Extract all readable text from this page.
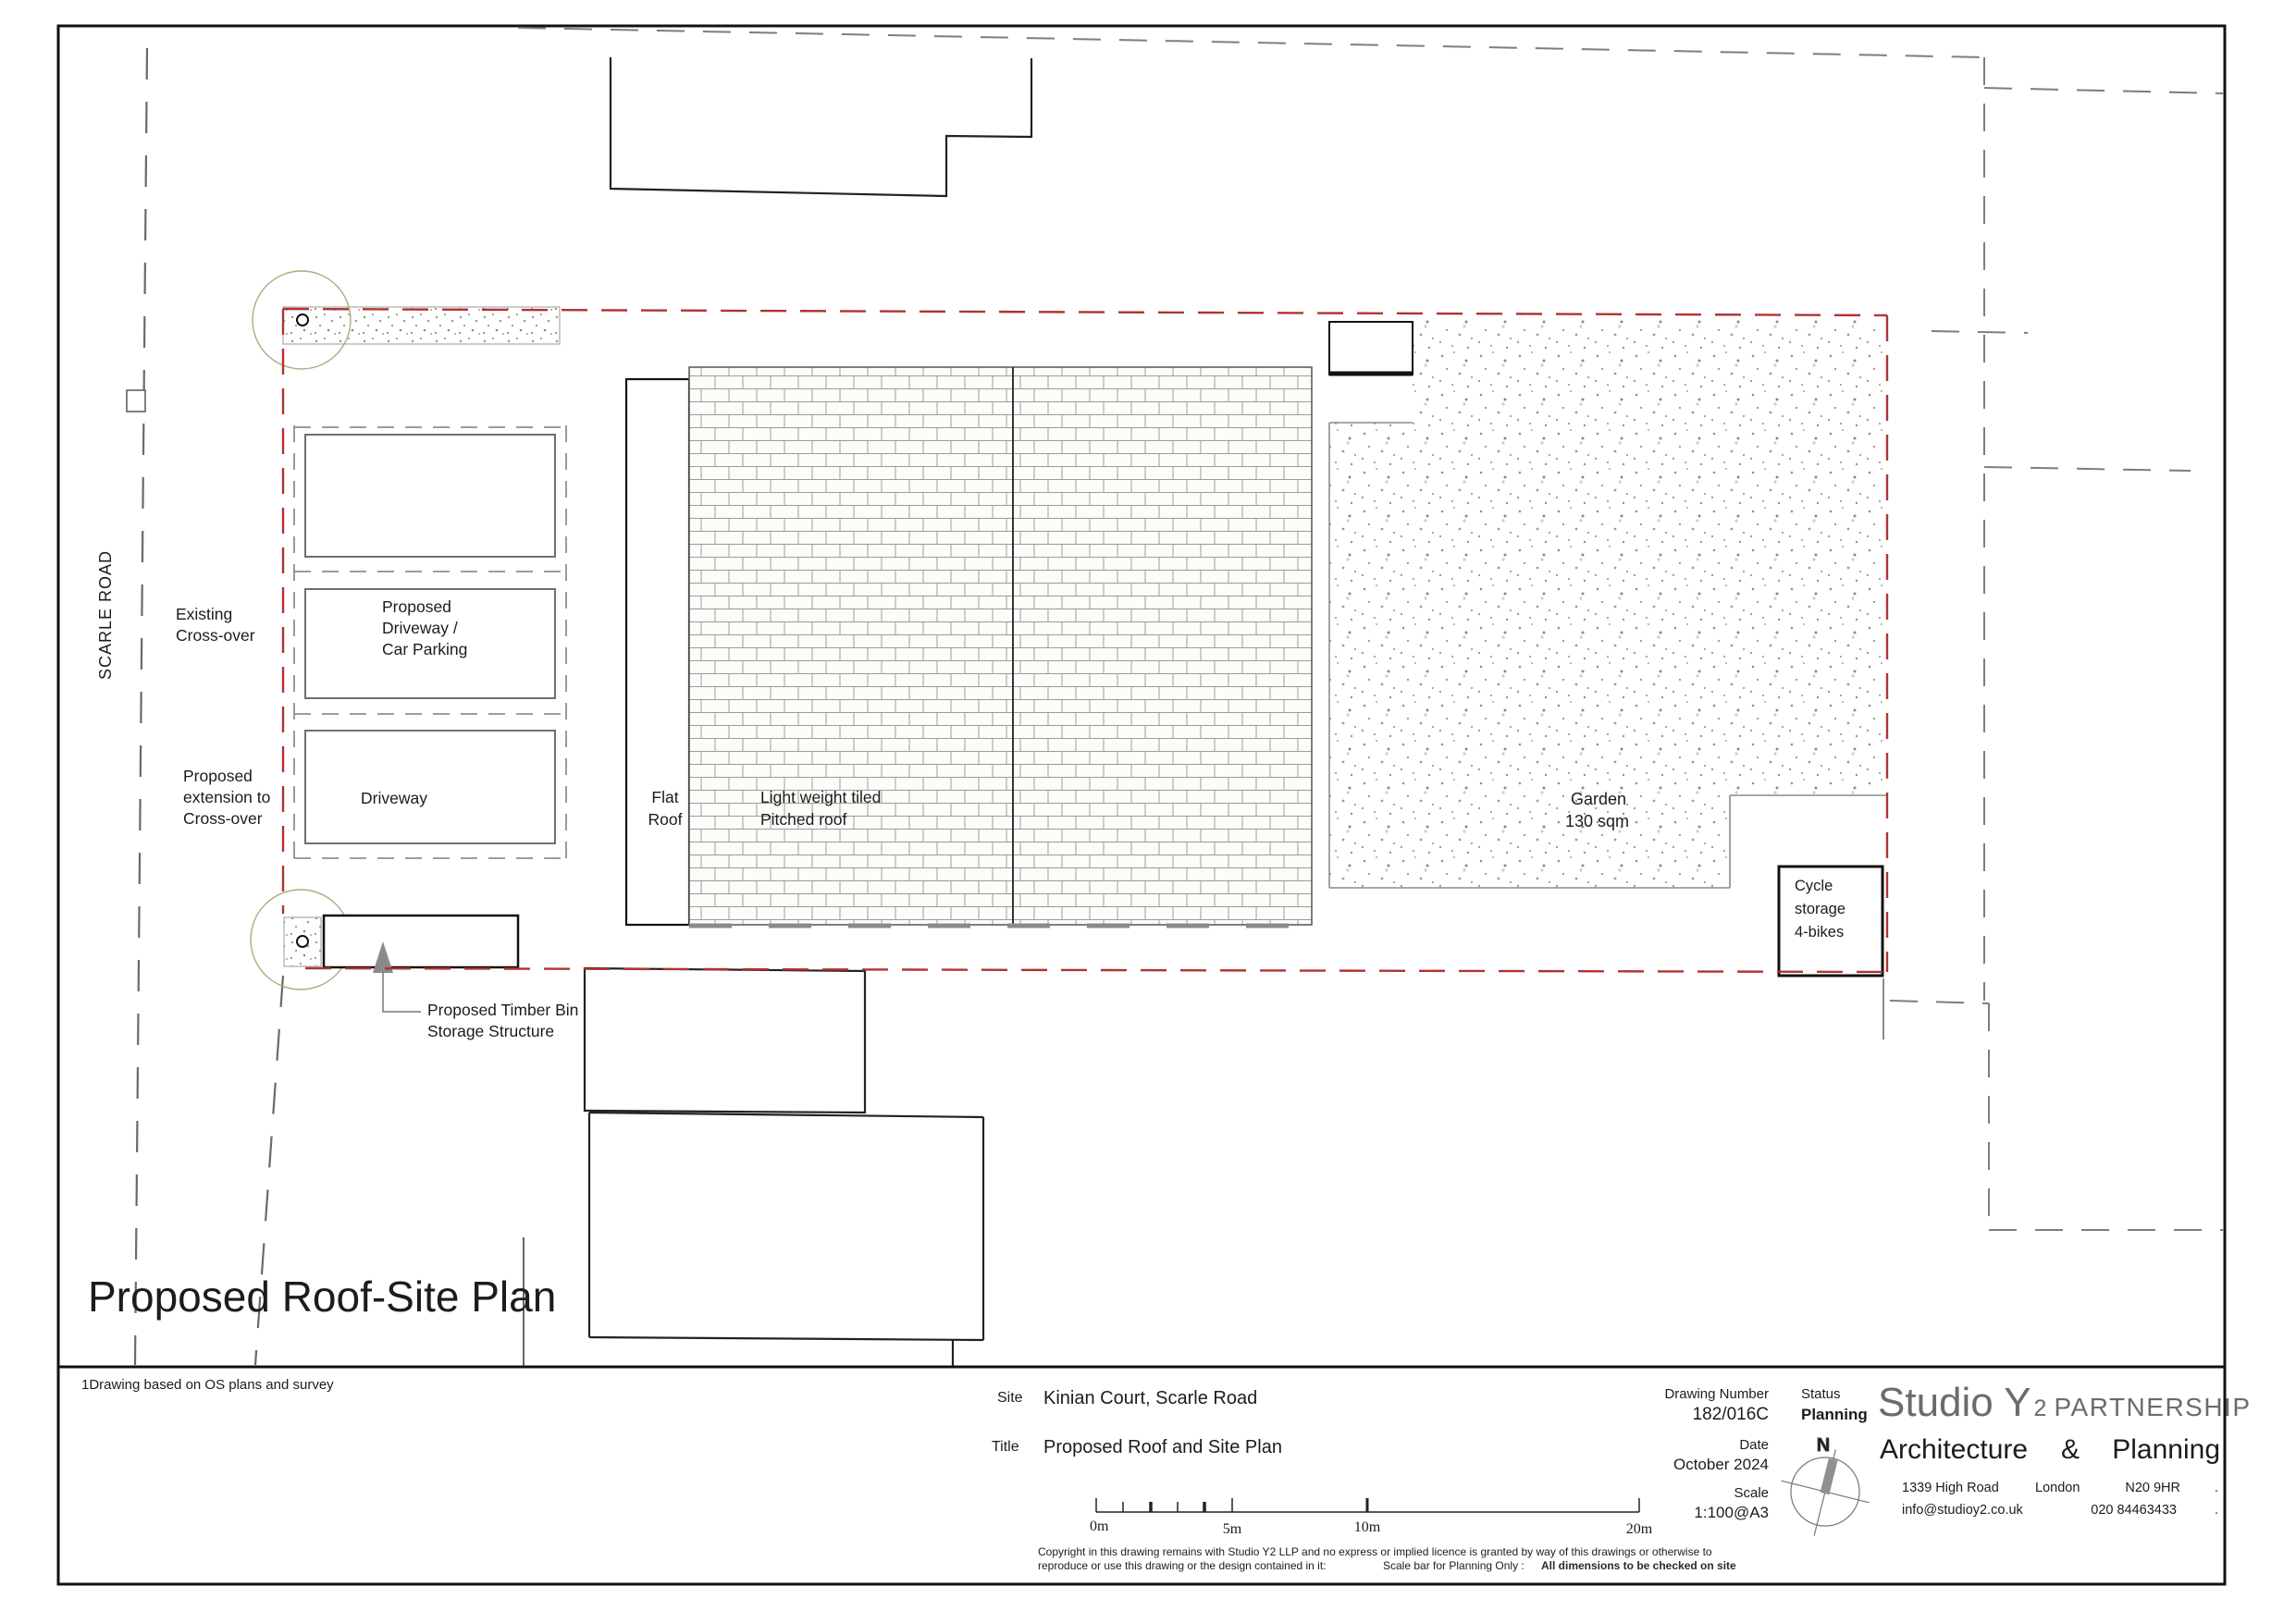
SCARLE ROAD	Existing
Cross-over
Proposed
Driveway /
Car Parking
Proposed
extension to
Cross-over
Driveway	Flat
Roof
Light weight tiled
Pitched roof
Garden
130 sqm
Cycle
storage
4-bikes
Proposed Timber Bin
Storage Structure
Proposed Roof-Site Plan
1Drawing based on OS plans and survey
Site Kinian Court, Scarle Road
Title Proposed Roof and Site Plan
0m	5m	10m	20m
Copyright in this drawing remains with Studio Y2 LLP and no express or implied licence is granted by way of this drawings or otherwise to
reproduce or use this drawing or the design contained in it:	Scale bar for Planning Only : All dimensions to be checked on site
Drawing Number
182/016C
Date
October 2024
Scale
1:100@A3
Status
Planning
N
Studio Y 2 PARTNERSHIP
Architecture & Planning
1339 High Road	London	N20 9HR	.
info@studioy2.co.uk	020 84463433	.
